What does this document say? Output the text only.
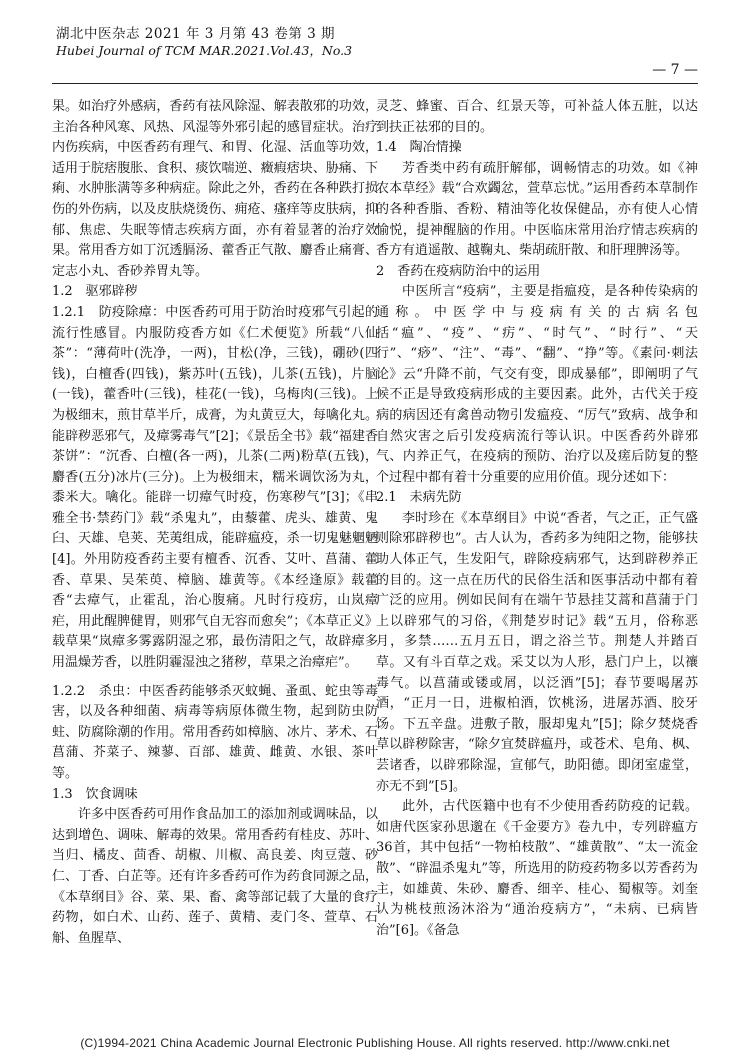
湖北中医杂志 2021 年 3 月第 43 卷第 3 期
Hubei Journal of TCM MAR.2021.Vol.43，No.3
— 7 —

果。如治疗外感病，香药有祛风除湿、解表散邪的功效，主治各种风寒、风热、风湿等外邪引起的感冒症状。治疗内伤疾病，中医香药有理气、和胃、化湿、活血等功效，适用于脘痞腹胀、食积、痰饮喘逆、癥瘕痞块、胁痛、下痢、水肿胀满等多种病症。除此之外，香药在各种跌打损伤的外伤病，以及皮肤烧烫伤、痈疮、瘙痒等皮肤病，抑郁、焦虑、失眠等情志疾病方面，亦有着显著的治疗效果。常用香方如丁沉透膈汤、藿香正气散、麝香止痛膏、定志小丸、香砂养胃丸等。

1.2　驱邪辟秽

1.2.1　防疫除瘴：中医香药可用于防治时疫邪气引起的流行性感冒。内服防疫香方如《仁术便览》所载“八仙茶”：“薄荷叶(洗净，一两)，甘松(净，三钱)，硼砂(四钱)，白檀香(四钱)，紫苏叶(五钱)，儿茶(五钱)，片脑(一钱)，藿香叶(三钱)，桂花(一钱)，乌梅肉(三钱)。上为极细末，煎甘草半斤，成膏，为丸黄豆大，每噙化丸。能辟秽恶邪气，及瘴雾毒气”[2]；《景岳全书》载“福建香茶饼”：“沉香、白檀(各一两)，儿茶(二两)粉草(五钱)，麝香(五分)冰片(三分)。上为极细末，糯米调饮汤为丸，黍米大。噙化。能辟一切瘴气时疫，伤寒秽气”[3]；《串雅全书·禁药门》载“杀鬼丸”，由藜藿、虎头、雄黄、鬼臼、天雄、皂荚、芜荑组成，能辟瘟疫，杀一切鬼魅魍魉[4]。外用防疫香药主要有檀香、沉香、艾叶、菖蒲、藿香、草果、吴茱萸、樟脑、雄黄等。《本经逢原》载藿香“去瘴气，止霍乱，治心腹痛。凡时行疫疠，山岚瘴疟，用此醒脾健胃，则邪气自无容而愈矣”；《本草正义》载草果“岚瘴多雾露阴湿之邪，最伤清阳之气，故辟瘴多用温燥芳香，以胜阴霾湿浊之猪秽，草果之治瘴疟”。

1.2.2　杀虫：中医香药能够杀灭蚊蝇、蚤虱、蛇虫等毒害，以及各种细菌、病毒等病原体微生物，起到防虫防蛀、防腐除潮的作用。常用香药如樟脑、冰片、茅术、石菖蒲、芥菜子、辣蓼、百部、雄黄、雌黄、水银、茶叶等。

1.3　饮食调味

许多中医香药可用作食品加工的添加剂或调味品，以达到增色、调味、解毒的效果。常用香药有桂皮、苏叶、当归、橘皮、茴香、胡椒、川椒、高良姜、肉豆蔻、砂仁、丁香、白芷等。还有许多香药可作为药食同源之品，《本草纲目》谷、菜、果、畜、禽等部记载了大量的食疗药物，如白术、山药、莲子、黄精、麦门冬、萱草、石斛、鱼腥草、

灵芝、蜂蜜、百合、红景天等，可补益人体五脏，以达到扶正祛邪的目的。

1.4　陶冶情操

芳香类中药有疏肝解郁，调畅情志的功效。如《神农本草经》载“合欢蠲忿，萱草忘忧。”运用香药本草制作的各种香脂、香粉、精油等化妆保健品，亦有使人心情愉悦，提神醒脑的作用。中医临床常用治疗情志疾病的香方有逍遥散、越鞠丸、柴胡疏肝散、和肝理脾汤等。

2　香药在疫病防治中的运用

中医所言“疫病”，主要是指瘟疫，是各种传染病的通称。中医学中与疫病有关的古病名包括“瘟”、“疫”、“疠”、“时气”、“时行”、“天行”、“痧”、“注”、“毒”、“翻”、“挣”等。《素问·刺法论》云“升降不前，气交有变，即成暴郁”，即阐明了气候不正是导致疫病形成的主要因素。此外，古代关于疫病的病因还有禽兽动物引发瘟疫、“厉气”致病、战争和自然灾害之后引发疫病流行等认识。中医香药外辟邪气、内养正气，在疫病的预防、治疗以及瘥后防复的整个过程中都有着十分重要的应用价值。现分述如下：

2.1　未病先防

李时珍在《本草纲目》中说“香者，气之正，正气盛则除邪辟秽也”。古人认为，香药多为纯阳之物，能够扶助人体正气，生发阳气，辟除疫病邪气，达到辟秽养正的目的。这一点在历代的民俗生活和医事活动中都有着广泛的应用。例如民间有在端午节悬挂艾蒿和菖蒲于门上以辟邪气的习俗，《荆楚岁时记》载“五月，俗称恶月，多禁……五月五日，谓之浴兰节。荆楚人并踏百草。又有斗百草之戏。采艾以为人形，悬门户上，以禳毒气。以菖蒲或镂或屑，以泛酒”[5]；春节要喝屠苏酒，“正月一日，进椒柏酒，饮桃汤，进屠苏酒、胶牙饧。下五辛盘。进敷子散，服却鬼丸”[5]；除夕焚烧香草以辟秽除害，“除夕宜焚辟瘟丹，或苍术、皂角、枫、芸诸香，以辟邪除湿，宣郁气，助阳德。即闭室虚堂，亦无不到”[5]。

此外，古代医籍中也有不少使用香药防疫的记载。如唐代医家孙思邈在《千金要方》卷九中，专列辟瘟方36首，其中包括“一物柏枝散”、“雄黄散”、“太一流金散”、“辟温杀鬼丸”等，所选用的防疫药物多以芳香药为主，如雄黄、朱砂、麝香、细辛、桂心、蜀椒等。刘奎认为桃枝煎汤沐浴为“通治疫病方”，“未病、已病皆治”[6]。《备急

(C)1994-2021 China Academic Journal Electronic Publishing House. All rights reserved. http://www.cnki.net
